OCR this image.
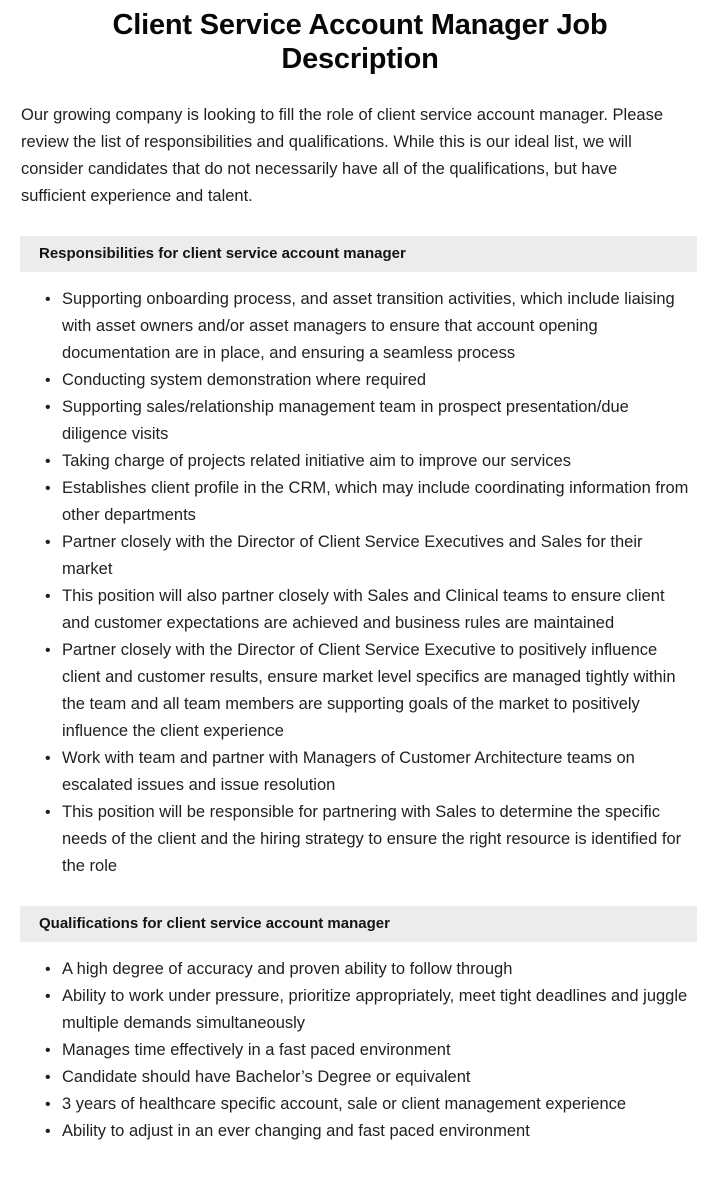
Client Service Account Manager Job Description

Our growing company is looking to fill the role of client service account manager. Please review the list of responsibilities and qualifications. While this is our ideal list, we will consider candidates that do not necessarily have all of the qualifications, but have sufficient experience and talent.

Responsibilities for client service account manager
• Supporting onboarding process, and asset transition activities, which include liaising with asset owners and/or asset managers to ensure that account opening documentation are in place, and ensuring a seamless process
• Conducting system demonstration where required
• Supporting sales/relationship management team in prospect presentation/due diligence visits
• Taking charge of projects related initiative aim to improve our services
• Establishes client profile in the CRM, which may include coordinating information from other departments
• Partner closely with the Director of Client Service Executives and Sales for their market
• This position will also partner closely with Sales and Clinical teams to ensure client and customer expectations are achieved and business rules are maintained
• Partner closely with the Director of Client Service Executive to positively influence client and customer results, ensure market level specifics are managed tightly within the team and all team members are supporting goals of the market to positively influence the client experience
• Work with team and partner with Managers of Customer Architecture teams on escalated issues and issue resolution
• This position will be responsible for partnering with Sales to determine the specific needs of the client and the hiring strategy to ensure the right resource is identified for the role
Qualifications for client service account manager
• A high degree of accuracy and proven ability to follow through
• Ability to work under pressure, prioritize appropriately, meet tight deadlines and juggle multiple demands simultaneously
• Manages time effectively in a fast paced environment
• Candidate should have Bachelor’s Degree or equivalent
• 3 years of healthcare specific account, sale or client management experience
• Ability to adjust in an ever changing and fast paced environment
